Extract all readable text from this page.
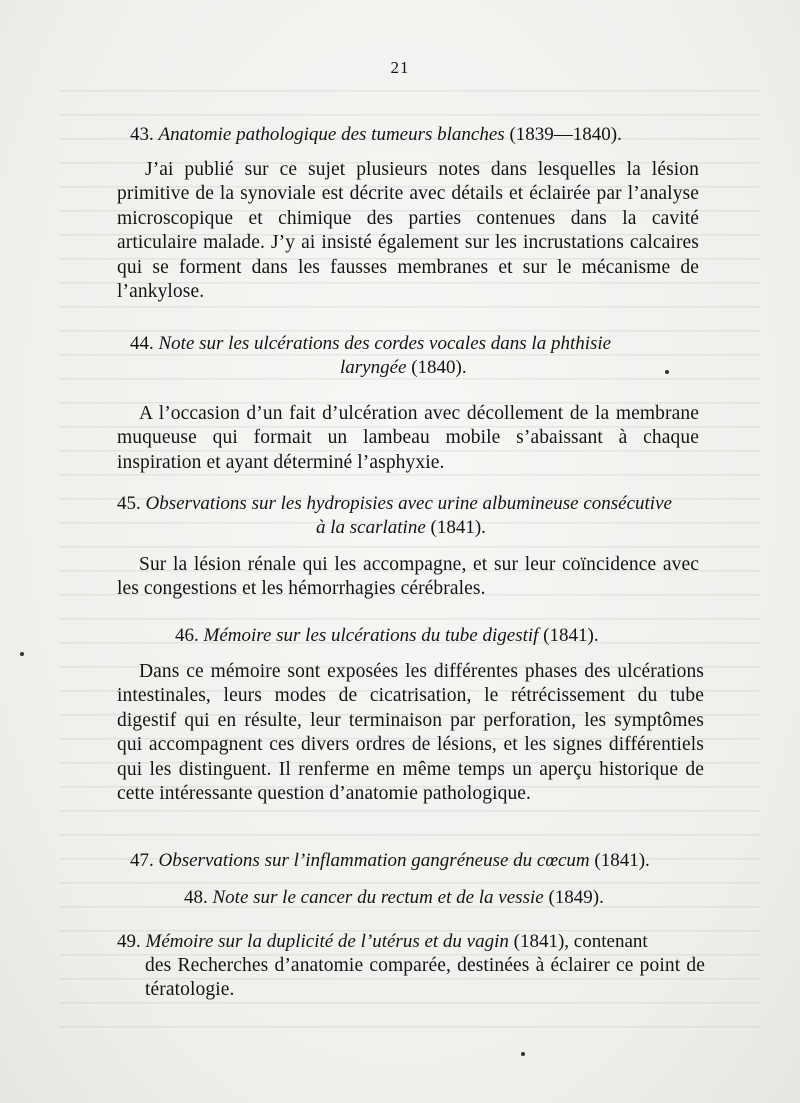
21
43. Anatomie pathologique des tumeurs blanches (1839—1840).
J’ai publié sur ce sujet plusieurs notes dans lesquelles la lésion primitive de la synoviale est décrite avec détails et éclairée par l’analyse microscopique et chimique des parties contenues dans la cavité articulaire malade. J’y ai insisté également sur les incrustations calcaires qui se forment dans les fausses membranes et sur le mécanisme de l’ankylose.
44. Note sur les ulcérations des cordes vocales dans la phthisie
laryngée (1840).
A l’occasion d’un fait d’ulcération avec décollement de la membrane muqueuse qui formait un lambeau mobile s’abaissant à chaque inspiration et ayant déterminé l’asphyxie.
45. Observations sur les hydropisies avec urine albumineuse consécutive
à la scarlatine (1841).
Sur la lésion rénale qui les accompagne, et sur leur coïncidence avec les congestions et les hémorrhagies cérébrales.
46. Mémoire sur les ulcérations du tube digestif (1841).
Dans ce mémoire sont exposées les différentes phases des ulcérations intestinales, leurs modes de cicatrisation, le rétrécissement du tube digestif qui en résulte, leur terminaison par perforation, les symptômes qui accompagnent ces divers ordres de lésions, et les signes différentiels qui les distinguent. Il renferme en même temps un aperçu historique de cette intéressante question d’anatomie pathologique.
47. Observations sur l’inflammation gangréneuse du cœcum (1841).
48. Note sur le cancer du rectum et de la vessie (1849).
49. Mémoire sur la duplicité de l’utérus et du vagin (1841), contenant
des Recherches d’anatomie comparée, destinées à éclairer ce point de tératologie.
